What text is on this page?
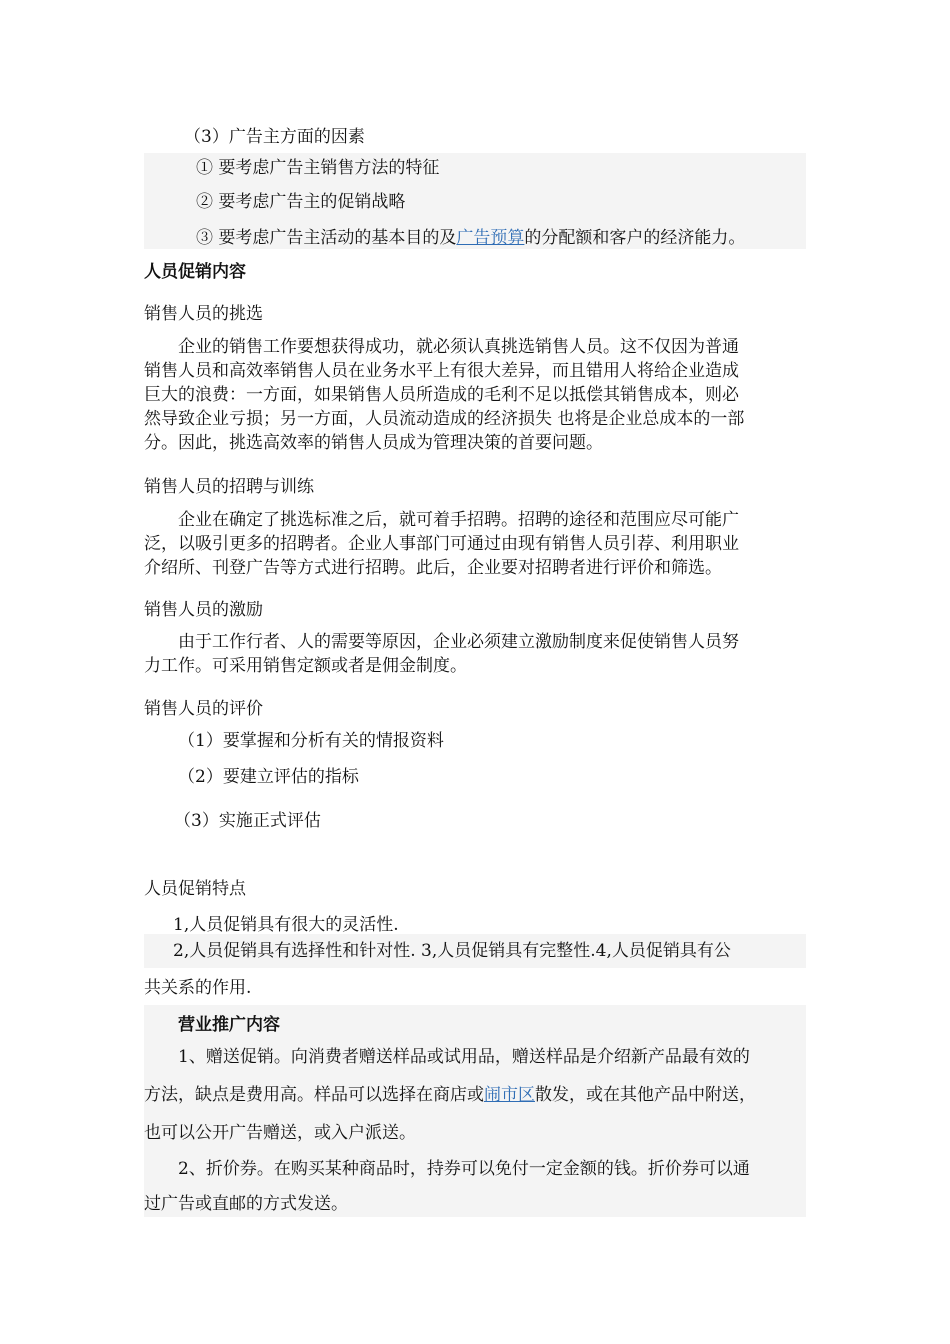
（3）广告主方面的因素
① 要考虑广告主销售方法的特征
② 要考虑广告主的促销战略
③ 要考虑广告主活动的基本目的及广告预算的分配额和客户的经济能力。
人员促销内容
销售人员的挑选
企业的销售工作要想获得成功，就必须认真挑选销售人员。这不仅因为普通
销售人员和高效率销售人员在业务水平上有很大差异，而且错用人将给企业造成
巨大的浪费：一方面，如果销售人员所造成的毛利不足以抵偿其销售成本，则必
然导致企业亏损；另一方面，人员流动造成的经济损失 也将是企业总成本的一部
分。因此，挑选高效率的销售人员成为管理决策的首要问题。
销售人员的招聘与训练
企业在确定了挑选标准之后，就可着手招聘。招聘的途径和范围应尽可能广
泛，以吸引更多的招聘者。企业人事部门可通过由现有销售人员引荐、利用职业
介绍所、刊登广告等方式进行招聘。此后，企业要对招聘者进行评价和筛选。
销售人员的激励
由于工作行者、人的需要等原因，企业必须建立激励制度来促使销售人员努
力工作。可采用销售定额或者是佣金制度。
销售人员的评价
（1）要掌握和分析有关的情报资料
（2）要建立评估的指标
（3）实施正式评估
人员促销特点
1,人员促销具有很大的灵活性.
2,人员促销具有选择性和针对性. 3,人员促销具有完整性.4,人员促销具有公
共关系的作用.
营业推广内容
1、赠送促销。向消费者赠送样品或试用品，赠送样品是介绍新产品最有效的
方法，缺点是费用高。样品可以选择在商店或闹市区散发，或在其他产品中附送，
也可以公开广告赠送，或入户派送。
2、折价券。在购买某种商品时，持券可以免付一定金额的钱。折价券可以通
过广告或直邮的方式发送。
